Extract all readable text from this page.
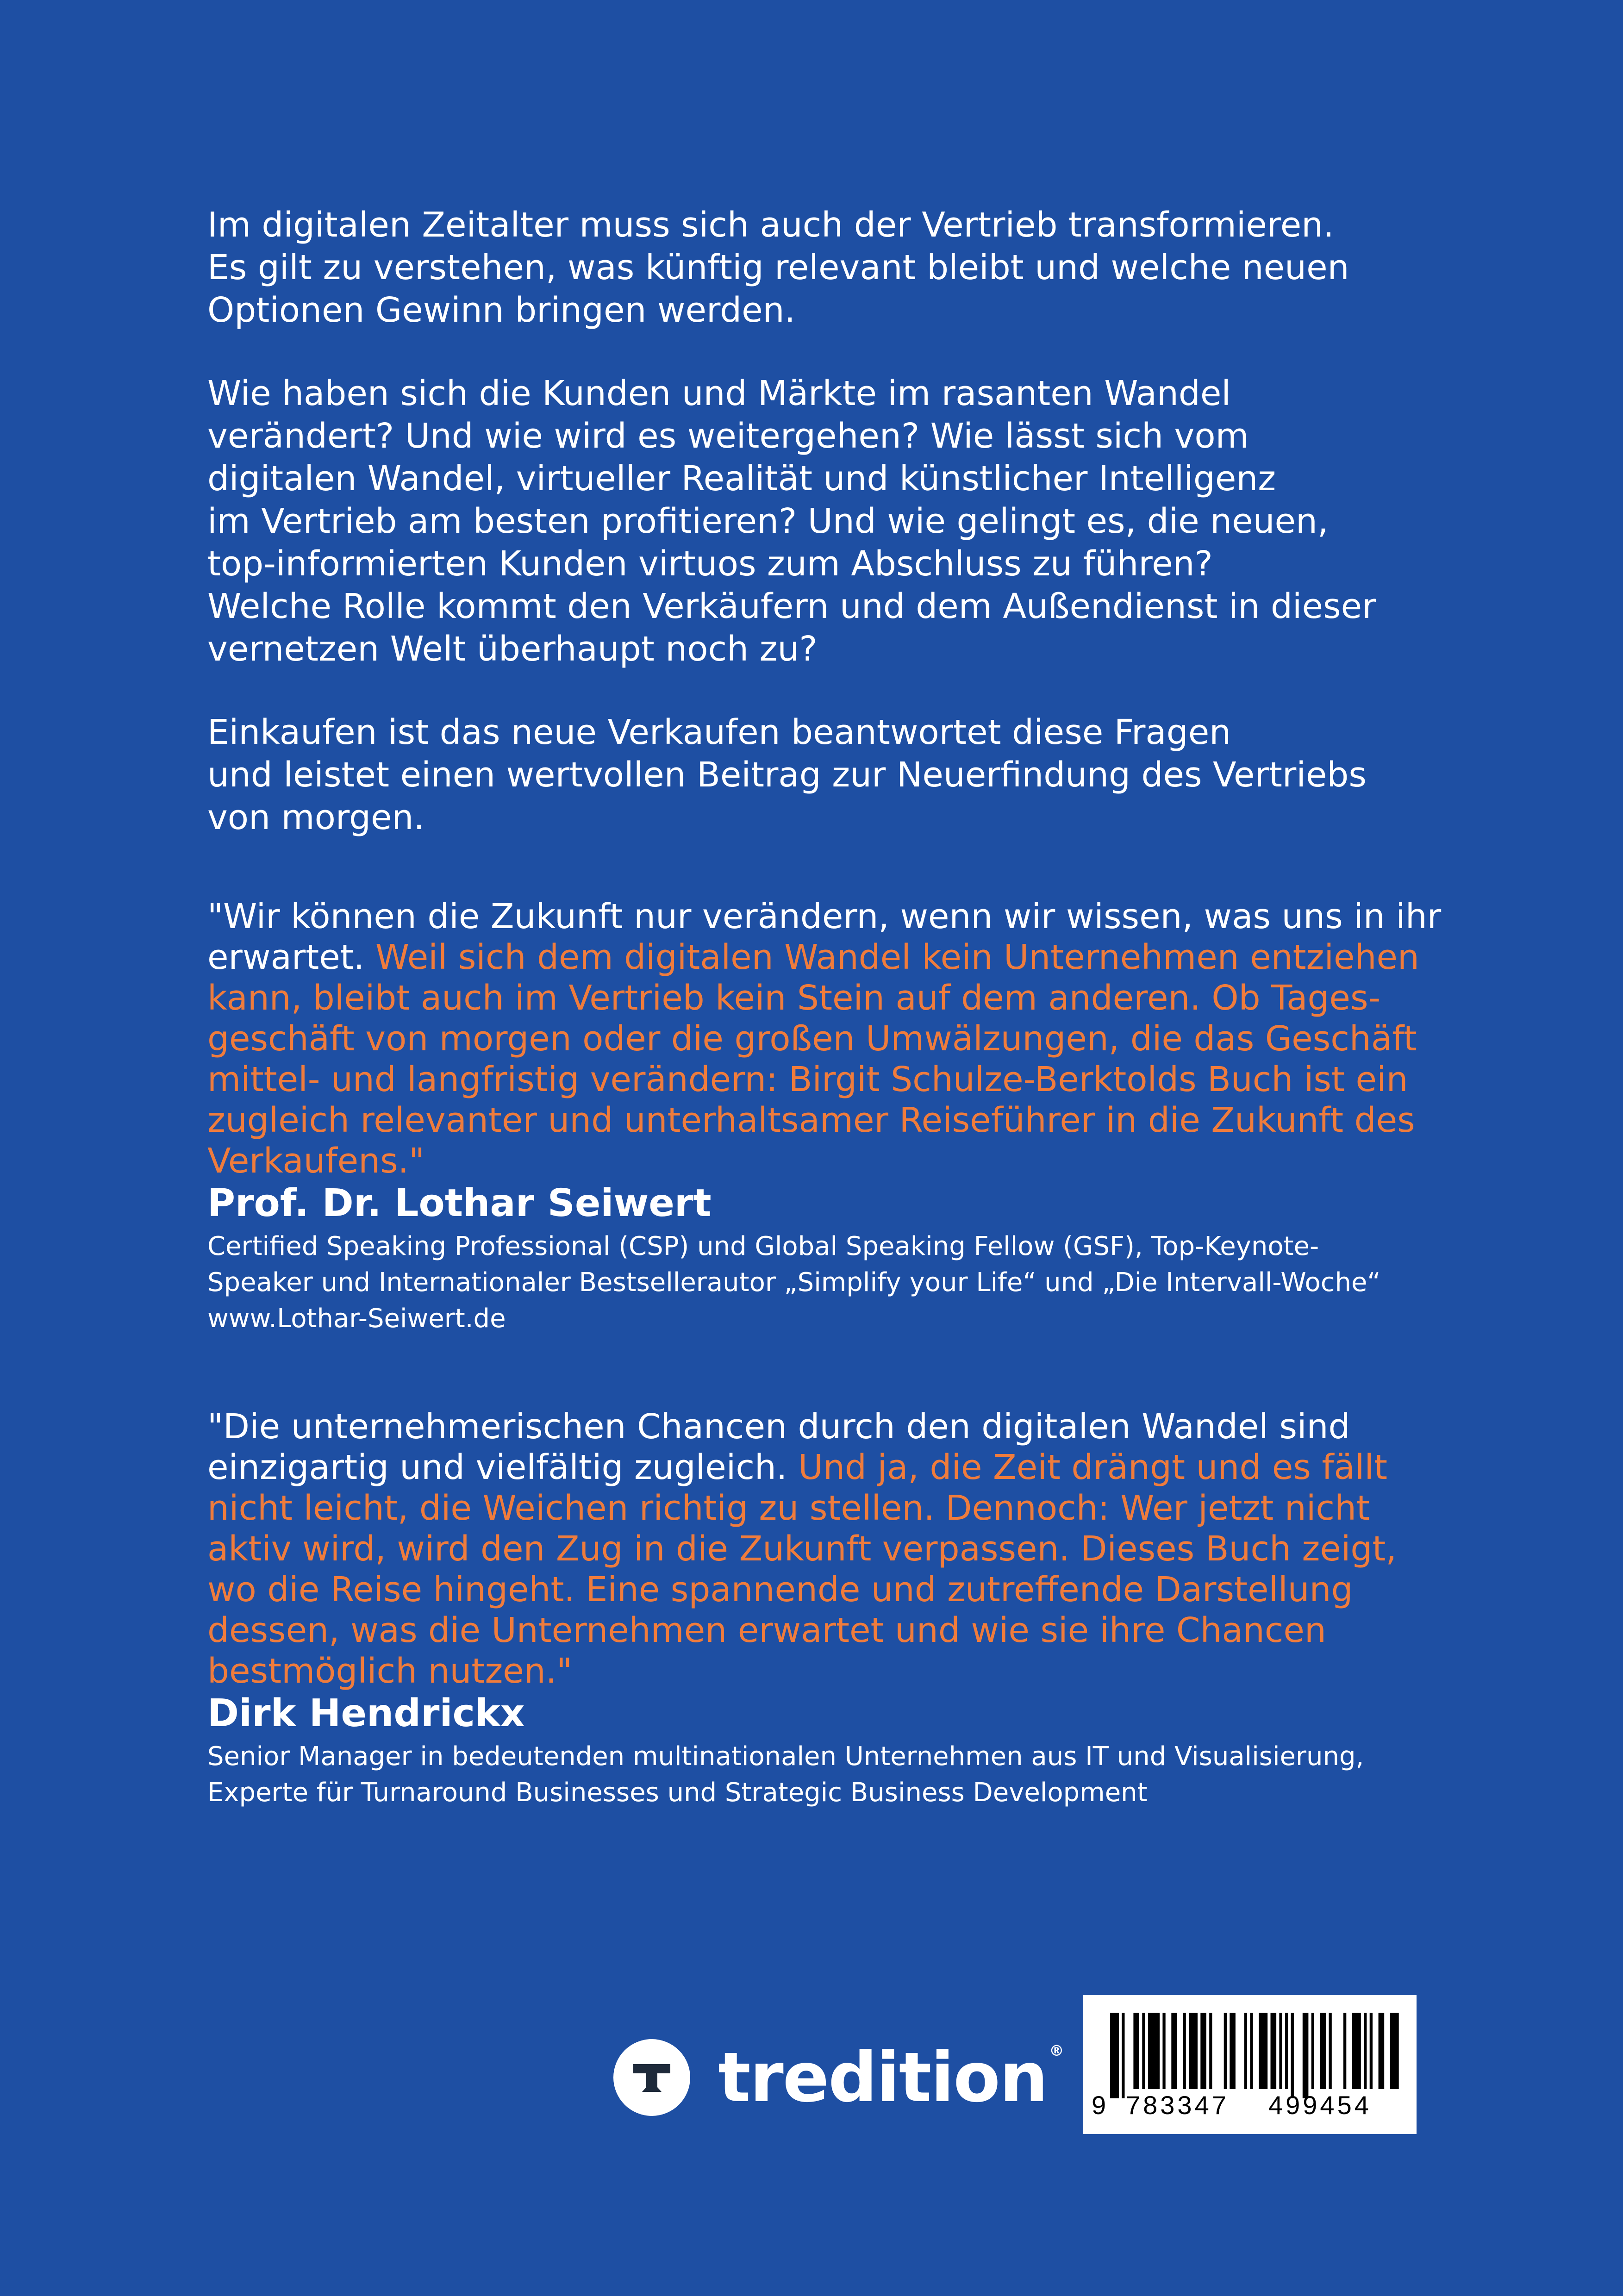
Im digitalen Zeitalter muss sich auch der Vertrieb transformieren.
Es gilt zu verstehen, was künftig relevant bleibt und welche neuen
Optionen Gewinn bringen werden.

Wie haben sich die Kunden und Märkte im rasanten Wandel
verändert? Und wie wird es weitergehen? Wie lässt sich vom
digitalen Wandel, virtueller Realität und künstlicher Intelligenz
im Vertrieb am besten profitieren? Und wie gelingt es, die neuen,
top-informierten Kunden virtuos zum Abschluss zu führen?
Welche Rolle kommt den Verkäufern und dem Außendienst in dieser
vernetzen Welt überhaupt noch zu?

Einkaufen ist das neue Verkaufen beantwortet diese Fragen
und leistet einen wertvollen Beitrag zur Neuerfindung des Vertriebs
von morgen.

"Wir können die Zukunft nur verändern, wenn wir wissen, was uns in ihr
erwartet. Weil sich dem digitalen Wandel kein Unternehmen entziehen
kann, bleibt auch im Vertrieb kein Stein auf dem anderen. Ob Tages-
geschäft von morgen oder die großen Umwälzungen, die das Geschäft
mittel- und langfristig verändern: Birgit Schulze-Berktolds Buch ist ein
zugleich relevanter und unterhaltsamer Reiseführer in die Zukunft des
Verkaufens."

Prof. Dr. Lothar Seiwert

Certified Speaking Professional (CSP) und Global Speaking Fellow (GSF), Top-Keynote-
Speaker und Internationaler Bestsellerautor „Simplify your Life“ und „Die Intervall-Woche“
www.Lothar-Seiwert.de

"Die unternehmerischen Chancen durch den digitalen Wandel sind
einzigartig und vielfältig zugleich. Und ja, die Zeit drängt und es fällt
nicht leicht, die Weichen richtig zu stellen. Dennoch: Wer jetzt nicht
aktiv wird, wird den Zug in die Zukunft verpassen. Dieses Buch zeigt,
wo die Reise hingeht. Eine spannende und zutreffende Darstellung
dessen, was die Unternehmen erwartet und wie sie ihre Chancen
bestmöglich nutzen."

Dirk Hendrickx

Senior Manager in bedeutenden multinationalen Unternehmen aus IT und Visualisierung,
Experte für Turnaround Businesses und Strategic Business Development

tredition ®
9 783347 499454
